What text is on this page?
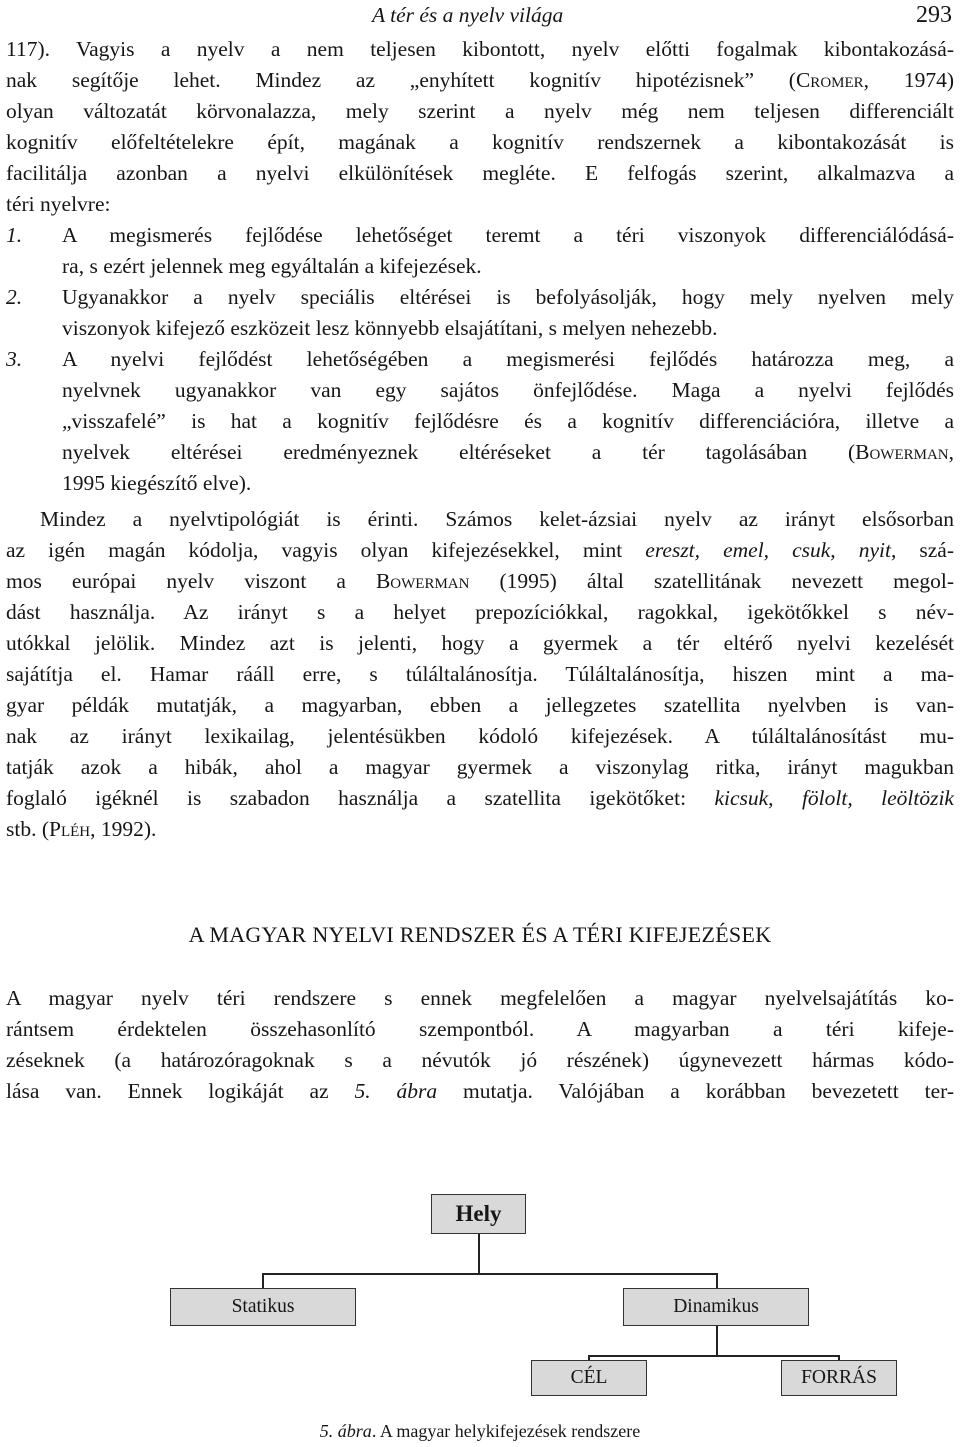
A tér és a nyelv világa	293
117). Vagyis a nyelv a nem teljesen kibontott, nyelv előtti fogalmak kibontakozásá-
nak segítője lehet. Mindez az „enyhített kognitív hipotézisnek” (Cromer, 1974)
olyan változatát körvonalazza, mely szerint a nyelv még nem teljesen differenciált
kognitív előfeltételekre épít, magának a kognitív rendszernek a kibontakozását is
facilitálja azonban a nyelvi elkülönítések megléte. E felfogás szerint, alkalmazva a
téri nyelvre:
1. A megismerés fejlődése lehetőséget teremt a téri viszonyok differenciálódásá-
ra, s ezért jelennek meg egyáltalán a kifejezések.
2. Ugyanakkor a nyelv speciális eltérései is befolyásolják, hogy mely nyelven mely
viszonyok kifejező eszközeit lesz könnyebb elsajátítani, s melyen nehezebb.
3. A nyelvi fejlődést lehetőségében a megismerési fejlődés határozza meg, a
nyelvnek ugyanakkor van egy sajátos önfejlődése. Maga a nyelvi fejlődés
„visszafelé” is hat a kognitív fejlődésre és a kognitív differenciációra, illetve a
nyelvek eltérései eredményeznek eltéréseket a tér tagolásában (Bowerman,
1995 kiegészítő elve).
Mindez a nyelvtipológiát is érinti. Számos kelet-ázsiai nyelv az irányt elsősorban
az igén magán kódolja, vagyis olyan kifejezésekkel, mint ereszt, emel, csuk, nyit, szá-
mos európai nyelv viszont a Bowerman (1995) által szatellitának nevezett megol-
dást használja. Az irányt s a helyet prepozíciókkal, ragokkal, igekötőkkel s név-
utókkal jelölik. Mindez azt is jelenti, hogy a gyermek a tér eltérő nyelvi kezelését
sajátítja el. Hamar rááll erre, s túláltalánosítja. Túláltalánosítja, hiszen mint a ma-
gyar példák mutatják, a magyarban, ebben a jellegzetes szatellita nyelvben is van-
nak az irányt lexikailag, jelentésükben kódoló kifejezések. A túláltalánosítást mu-
tatják azok a hibák, ahol a magyar gyermek a viszonylag ritka, irányt magukban
foglaló igéknél is szabadon használja a szatellita igekötőket: kicsuk, fölolt, leöltözik
stb. (Pléh, 1992).
A MAGYAR NYELVI RENDSZER ÉS A TÉRI KIFEJEZÉSEK
A magyar nyelv téri rendszere s ennek megfelelően a magyar nyelvelsajátítás ko-
rántsem érdektelen összehasonlító szempontból. A magyarban a téri kifeje-
zéseknek (a határozóragoknak s a névutók jó részének) úgynevezett hármas kódo-
lása van. Ennek logikáját az 5. ábra mutatja. Valójában a korábban bevezetett ter-
Hely
Statikus	Dinamikus
CÉL	FORRÁS
5. ábra. A magyar helykifejezések rendszere
